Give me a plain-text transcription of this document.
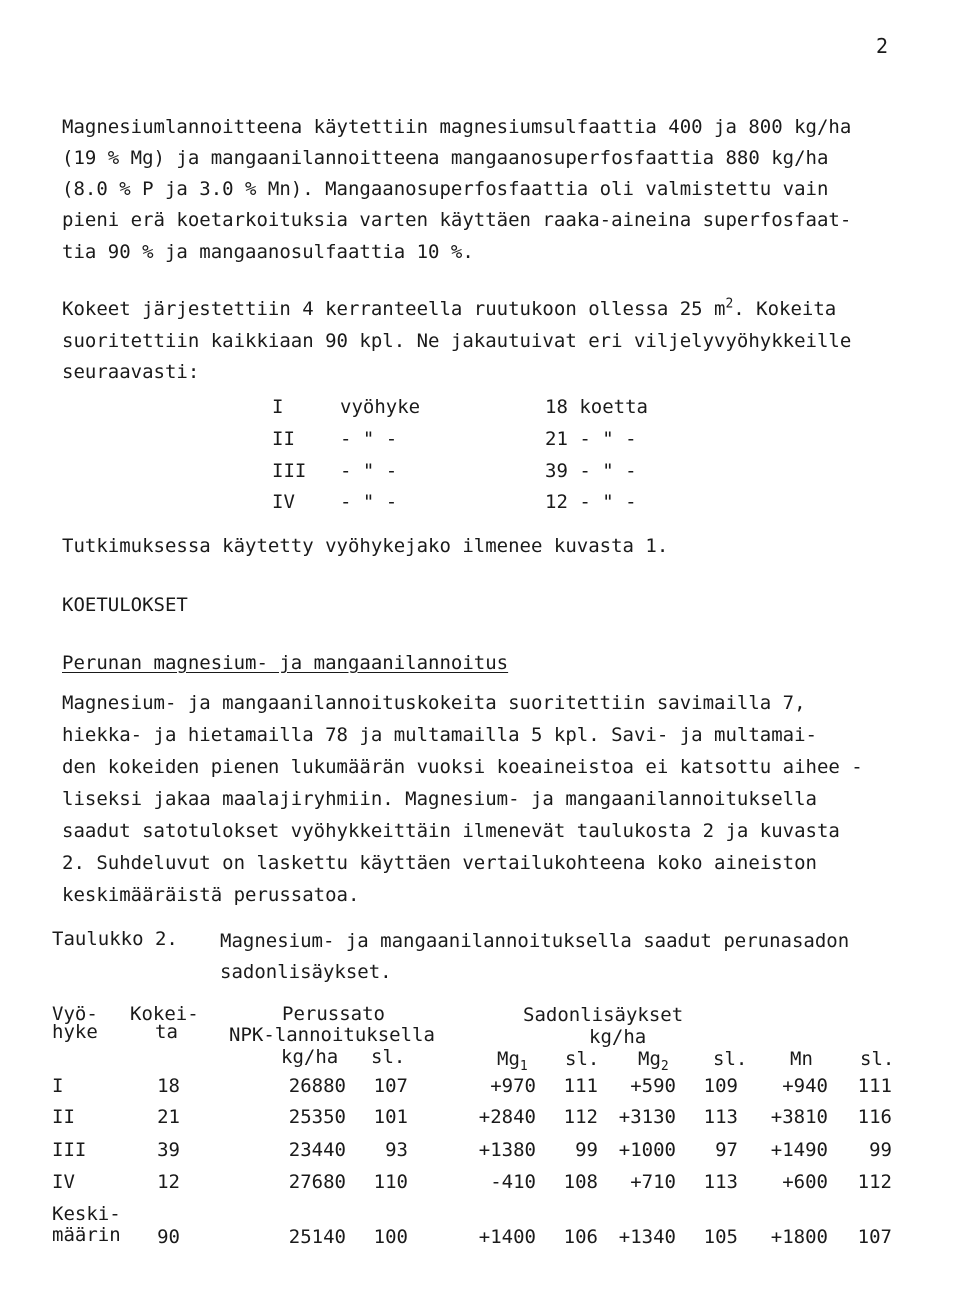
2
Magnesiumlannoitteena käytettiin magnesiumsulfaattia 400 ja 800 kg/ha
(19 % Mg) ja mangaanilannoitteena mangaanosuperfosfaattia 880 kg/ha
(8.0 % P ja 3.0 % Mn). Mangaanosuperfosfaattia oli valmistettu vain
pieni erä koetarkoituksia varten käyttäen raaka-aineina superfosfaat-
tia 90 % ja mangaanosulfaattia 10 %.
Kokeet järjestettiin 4 kerranteella ruutukoon ollessa 25 $m^2$. Kokeita
suoritettiin kaikkiaan 90 kpl. Ne jakautuivat eri viljelyvyöhykkeille
seuraavasti:
I	vyöhyke	18 koetta
II - " -	21 - " -
III - " -	39 - " -
IV - " -	12 - " -
Tutkimuksessa käytetty vyöhykejako ilmenee kuvasta 1.
KOETULOKSET
Perunan magnesium- ja mangaanilannoitus
Magnesium- ja mangaanilannoituskokeita suoritettiin savimailla 7,
hiekka- ja hietamailla 78 ja multamailla 5 kpl. Savi- ja multamai-
den kokeiden pienen lukumäärän vuoksi koeaineistoa ei katsottu aihee -
liseksi jakaa maalajiryhmiin. Magnesium- ja mangaanilannoituksella
saadut satotulokset vyöhykkeittäin ilmenevät taulukosta 2 ja kuvasta
2. Suhdeluvut on laskettu käyttäen vertailukohteena koko aineiston
keskimääräistä perussatoa.
Taulukko 2. Magnesium- ja mangaanilannoituksella saadut perunasadon
sadonlisäykset.
Vyö-
hyke
Kokei-
ta
Perussato
NPK-lannoituksella
kg/ha sl.
Sadonlisäykset
kg/ha
$Mg_1$ sl. $Mg_2$ sl. Mn sl.
I	18	26880 107	+970 111 +590 109 +940 111
II	21	25350 101	+2840 112 +3130 113 +3810 116
III	39	23440 93	+1380 99 +1000 97 +1490 99
IV	12	27680 110	-410 108 +710 113 +600 112
Keski-
määrin 90	25140 100	+1400 106 +1340 105 +1800 107
